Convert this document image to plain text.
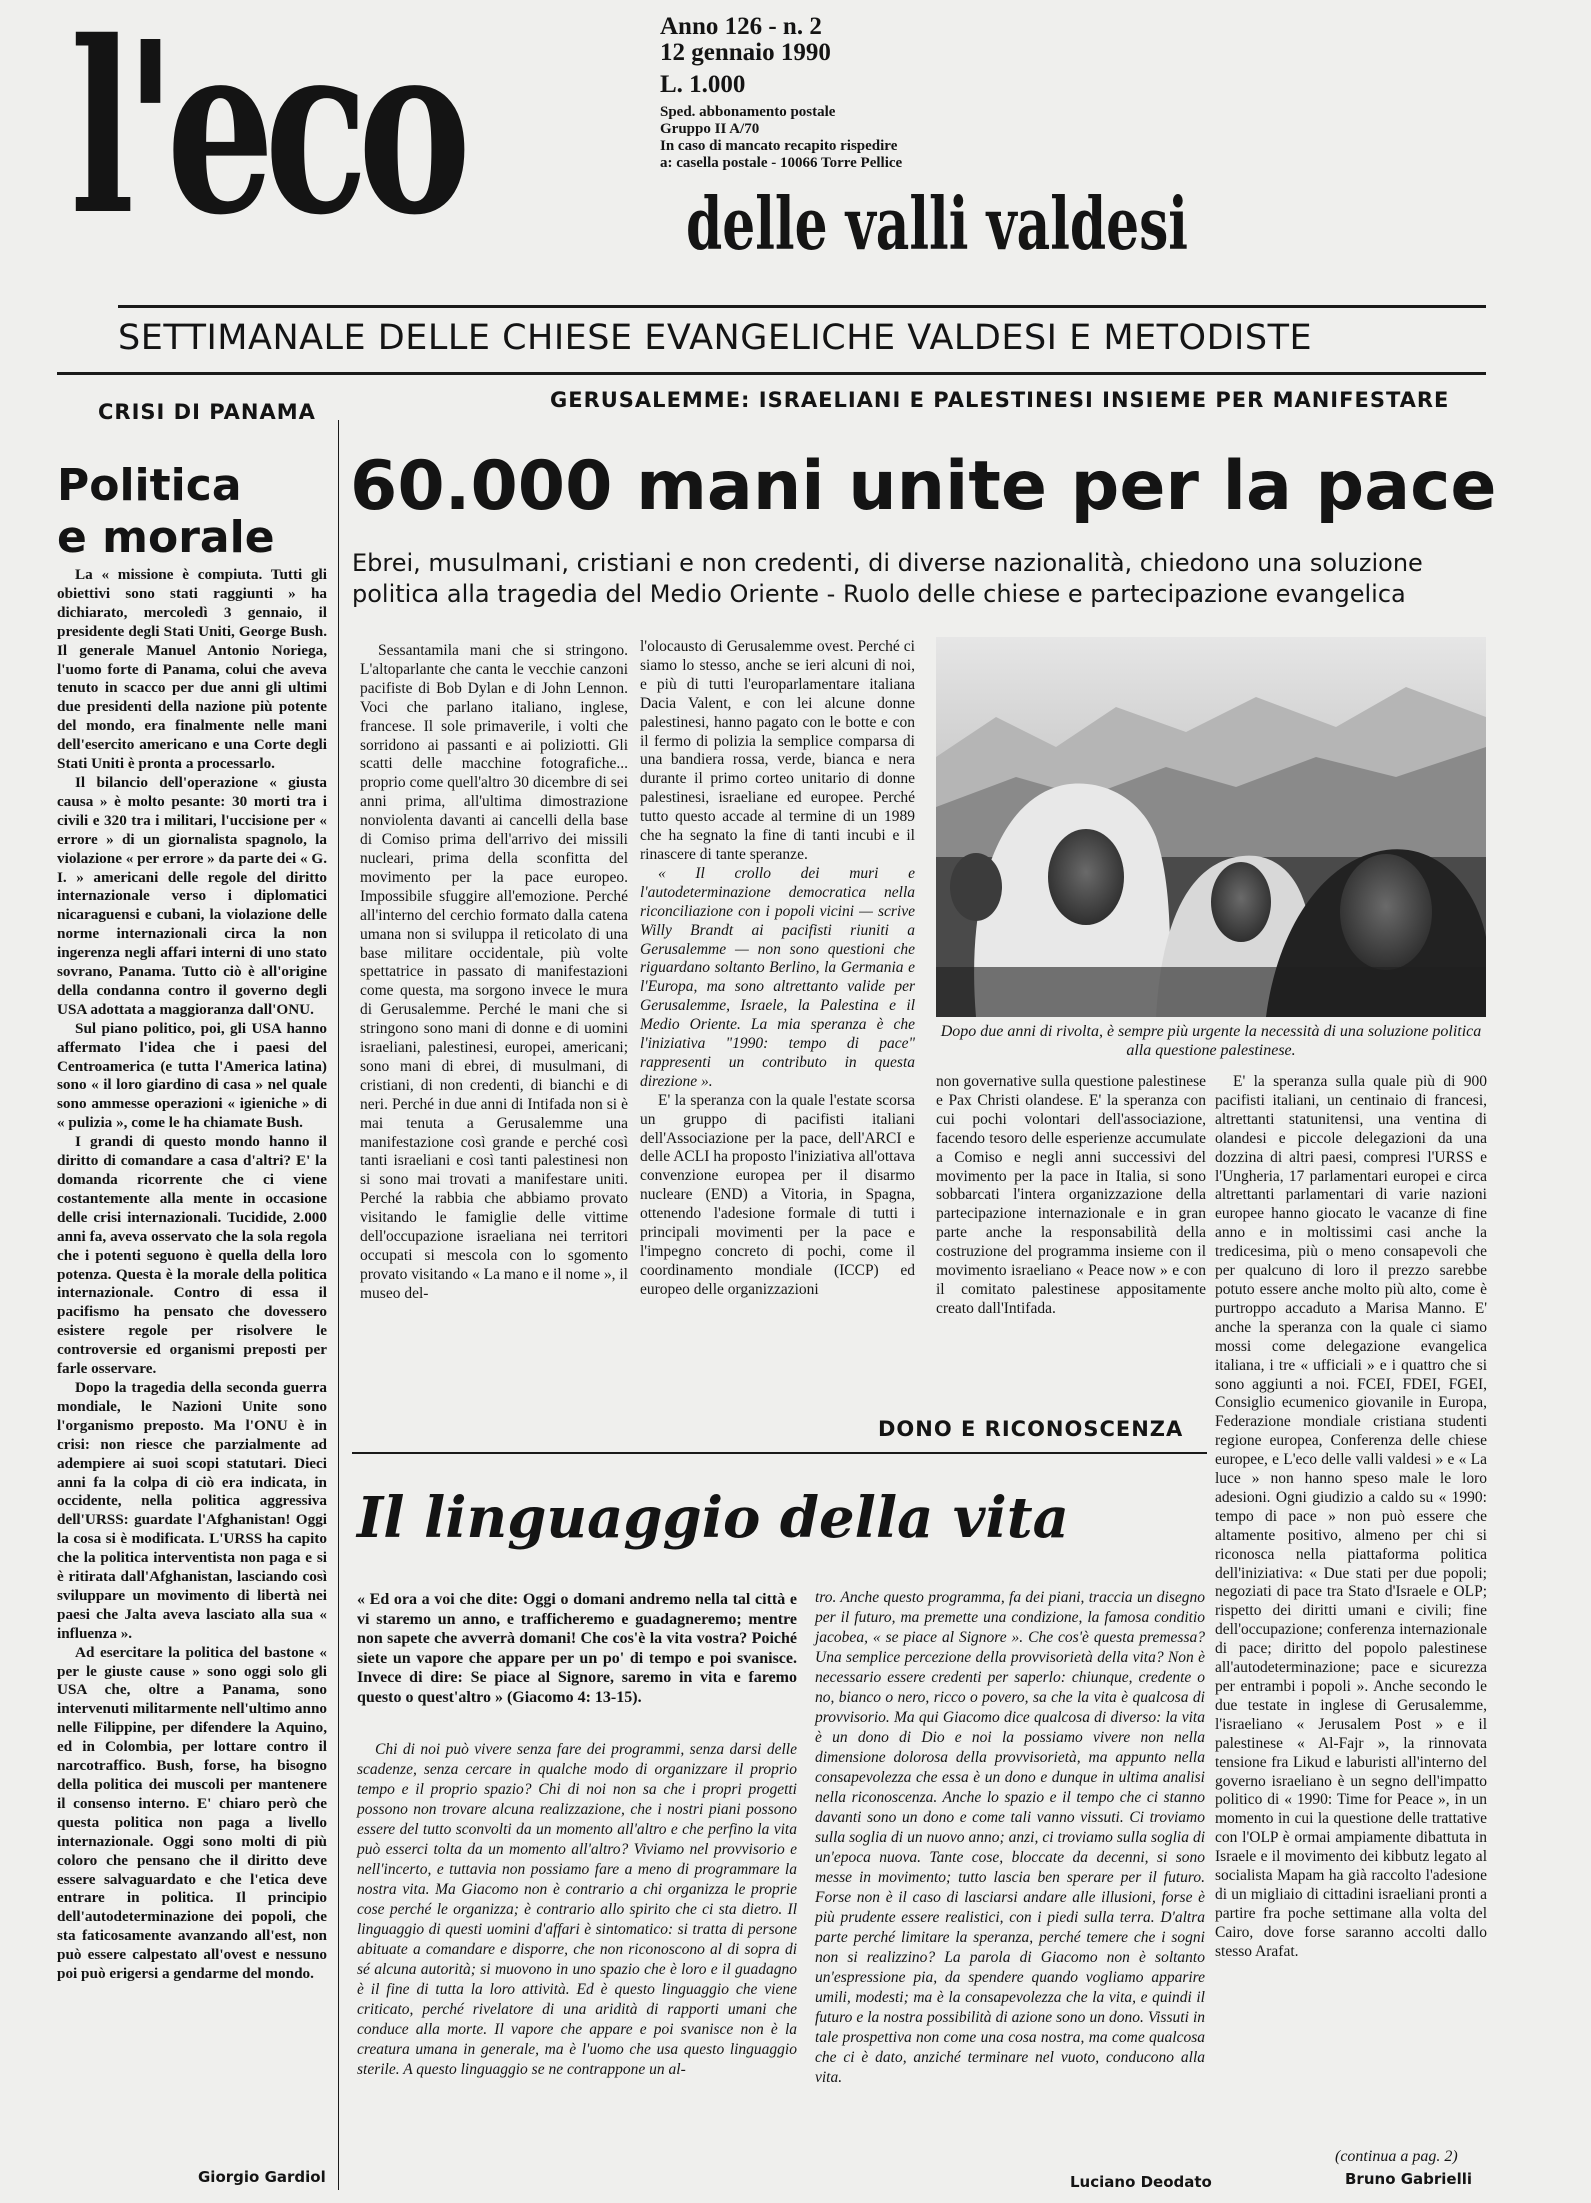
l'eco	Anno 126 - n. 2
12 gennaio 1990
L. 1.000
Sped. abbonamento postale
Gruppo II A/70
In caso di mancato recapito rispedire
a: casella postale - 10066 Torre Pellice
delle valli valdesi
SETTIMANALE DELLE CHIESE EVANGELICHE VALDESI E METODISTE
CRISI DI PANAMA	GERUSALEMME: ISRAELIANI E PALESTINESI INSIEME PER MANIFESTARE
Politica
e morale

La « missione è compiuta. Tutti gli obiettivi sono stati raggiunti » ha dichiarato, mercoledì 3 gennaio, il presidente degli Stati Uniti, George Bush. Il generale Manuel Antonio Noriega, l'uomo forte di Panama, colui che aveva tenuto in scacco per due anni gli ultimi due presidenti della nazione più potente del mondo, era finalmente nelle mani dell'esercito americano e una Corte degli Stati Uniti è pronta a processarlo.

Il bilancio dell'operazione « giusta causa » è molto pesante: 30 morti tra i civili e 320 tra i militari, l'uccisione per « errore » di un giornalista spagnolo, la violazione « per errore » da parte dei « G. I. » americani delle regole del diritto internazionale verso i diplomatici nicaraguensi e cubani, la violazione delle norme internazionali circa la non ingerenza negli affari interni di uno stato sovrano, Panama. Tutto ciò è all'origine della condanna contro il governo degli USA adottata a maggioranza dall'ONU.

Sul piano politico, poi, gli USA hanno affermato l'idea che i paesi del Centroamerica (e tutta l'America latina) sono « il loro giardino di casa » nel quale sono ammesse operazioni « igieniche » di « pulizia », come le ha chiamate Bush.

I grandi di questo mondo hanno il diritto di comandare a casa d'altri? E' la domanda ricorrente che ci viene costantemente alla mente in occasione delle crisi internazionali. Tucidide, 2.000 anni fa, aveva osservato che la sola regola che i potenti seguono è quella della loro potenza. Questa è la morale della politica internazionale. Contro di essa il pacifismo ha pensato che dovessero esistere regole per risolvere le controversie ed organismi preposti per farle osservare.

Dopo la tragedia della seconda guerra mondiale, le Nazioni Unite sono l'organismo preposto. Ma l'ONU è in crisi: non riesce che parzialmente ad adempiere ai suoi scopi statutari. Dieci anni fa la colpa di ciò era indicata, in occidente, nella politica aggressiva dell'URSS: guardate l'Afghanistan! Oggi la cosa si è modificata. L'URSS ha capito che la politica interventista non paga e si è ritirata dall'Afghanistan, lasciando così sviluppare un movimento di libertà nei paesi che Jalta aveva lasciato alla sua « influenza ».

Ad esercitare la politica del bastone « per le giuste cause » sono oggi solo gli USA che, oltre a Panama, sono intervenuti militarmente nell'ultimo anno nelle Filippine, per difendere la Aquino, ed in Colombia, per lottare contro il narcotraffico. Bush, forse, ha bisogno della politica dei muscoli per mantenere il consenso interno. E' chiaro però che questa politica non paga a livello internazionale. Oggi sono molti di più coloro che pensano che il diritto deve essere salvaguardato e che l'etica deve entrare in politica. Il principio dell'autodeterminazione dei popoli, che sta faticosamente avanzando all'est, non può essere calpestato all'ovest e nessuno poi può erigersi a gendarme del mondo.

Giorgio Gardiol
60.000 mani unite per la pace
Ebrei, musulmani, cristiani e non credenti, di diverse nazionalità, chiedono una soluzione politica alla tragedia del Medio Oriente - Ruolo delle chiese e partecipazione evangelica

Sessantamila mani che si stringono. L'altoparlante che canta le vecchie canzoni pacifiste di Bob Dylan e di John Lennon. Voci che parlano italiano, inglese, francese. Il sole primaverile, i volti che sorridono ai passanti e ai poliziotti. Gli scatti delle macchine fotografiche... proprio come quell'altro 30 dicembre di sei anni prima, all'ultima dimostrazione nonviolenta davanti ai cancelli della base di Comiso prima dell'arrivo dei missili nucleari, prima della sconfitta del movimento per la pace europeo. Impossibile sfuggire all'emozione. Perché all'interno del cerchio formato dalla catena umana non si sviluppa il reticolato di una base militare occidentale, più volte spettatrice in passato di manifestazioni come questa, ma sorgono invece le mura di Gerusalemme. Perché le mani che si stringono sono mani di donne e di uomini israeliani, palestinesi, europei, americani; sono mani di ebrei, di musulmani, di cristiani, di non credenti, di bianchi e di neri. Perché in due anni di Intifada non si è mai tenuta a Gerusalemme una manifestazione così grande e perché così tanti israeliani e così tanti palestinesi non si sono mai trovati a manifestare uniti. Perché la rabbia che abbiamo provato visitando le famiglie delle vittime dell'occupazione israeliana nei territori occupati si mescola con lo sgomento provato visitando « La mano e il nome », il museo del-

l'olocausto di Gerusalemme ovest. Perché ci siamo lo stesso, anche se ieri alcuni di noi, e più di tutti l'europarlamentare italiana Dacia Valent, e con lei alcune donne palestinesi, hanno pagato con le botte e con il fermo di polizia la semplice comparsa di una bandiera rossa, verde, bianca e nera durante il primo corteo unitario di donne palestinesi, israeliane ed europee. Perché tutto questo accade al termine di un 1989 che ha segnato la fine di tanti incubi e il rinascere di tante speranze.

« Il crollo dei muri e l'autodeterminazione democratica nella riconciliazione con i popoli vicini — scrive Willy Brandt ai pacifisti riuniti a Gerusalemme — non sono questioni che riguardano soltanto Berlino, la Germania e l'Europa, ma sono altrettanto valide per Gerusalemme, Israele, la Palestina e il Medio Oriente. La mia speranza è che l'iniziativa "1990: tempo di pace" rappresenti un contributo in questa direzione ».

E' la speranza con la quale l'estate scorsa un gruppo di pacifisti italiani dell'Associazione per la pace, dell'ARCI e delle ACLI ha proposto l'iniziativa all'ottava convenzione europea per il disarmo nucleare (END) a Vitoria, in Spagna, ottenendo l'adesione formale di tutti i principali movimenti per la pace e l'impegno concreto di pochi, come il coordinamento mondiale (ICCP) ed europeo delle organizzazioni

Dopo due anni di rivolta, è sempre più urgente la necessità di una soluzione politica alla questione palestinese.

non governative sulla questione palestinese e Pax Christi olandese. E' la speranza con cui pochi volontari dell'associazione, facendo tesoro delle esperienze accumulate a Comiso e negli anni successivi del movimento per la pace in Italia, si sono sobbarcati l'intera organizzazione della partecipazione internazionale e in gran parte anche la responsabilità della costruzione del programma insieme con il movimento israeliano « Peace now » e con il comitato palestinese appositamente creato dall'Intifada.

E' la speranza sulla quale più di 900 pacifisti italiani, un centinaio di francesi, altrettanti statunitensi, una ventina di olandesi e piccole delegazioni da una dozzina di altri paesi, compresi l'URSS e l'Ungheria, 17 parlamentari europei e circa altrettanti parlamentari di varie nazioni europee hanno giocato le vacanze di fine anno e in moltissimi casi anche la tredicesima, più o meno consapevoli che per qualcuno di loro il prezzo sarebbe potuto essere anche molto più alto, come è purtroppo accaduto a Marisa Manno. E' anche la speranza con la quale ci siamo mossi come delegazione evangelica italiana, i tre « ufficiali » e i quattro che si sono aggiunti a noi. FCEI, FDEI, FGEI, Consiglio ecumenico giovanile in Europa, Federazione mondiale cristiana studenti regione europea, Conferenza delle chiese europee, e L'eco delle valli valdesi » e « La luce » non hanno speso male le loro adesioni. Ogni giudizio a caldo su « 1990: tempo di pace » non può essere che altamente positivo, almeno per chi si riconosca nella piattaforma politica dell'iniziativa: « Due stati per due popoli; negoziati di pace tra Stato d'Israele e OLP; rispetto dei diritti umani e civili; fine dell'occupazione; conferenza internazionale di pace; diritto del popolo palestinese all'autodeterminazione; pace e sicurezza per entrambi i popoli ». Anche secondo le due testate in inglese di Gerusalemme, l'israeliano « Jerusalem Post » e il palestinese « Al-Fajr », la rinnovata tensione fra Likud e laburisti all'interno del governo israeliano è un segno dell'impatto politico di « 1990: Time for Peace », in un momento in cui la questione delle trattative con l'OLP è ormai ampiamente dibattuta in Israele e il movimento dei kibbutz legato al socialista Mapam ha già raccolto l'adesione di un migliaio di cittadini israeliani pronti a partire fra poche settimane alla volta del Cairo, dove forse saranno accolti dallo stesso Arafat.

(continua a pag. 2)
Bruno Gabrielli
DONO E RICONOSCENZA
Il linguaggio della vita
« Ed ora a voi che dite: Oggi o domani andremo nella tal città e vi staremo un anno, e trafficheremo e guadagneremo; mentre non sapete che avverrà domani! Che cos'è la vita vostra? Poiché siete un vapore che appare per un po' di tempo e poi svanisce. Invece di dire: Se piace al Signore, saremo in vita e faremo questo o quest'altro » (Giacomo 4: 13-15).

Chi di noi può vivere senza fare dei programmi, senza darsi delle scadenze, senza cercare in qualche modo di organizzare il proprio tempo e il proprio spazio? Chi di noi non sa che i propri progetti possono non trovare alcuna realizzazione, che i nostri piani possono essere del tutto sconvolti da un momento all'altro e che perfino la vita può esserci tolta da un momento all'altro? Viviamo nel provvisorio e nell'incerto, e tuttavia non possiamo fare a meno di programmare la nostra vita. Ma Giacomo non è contrario a chi organizza le proprie cose perché le organizza; è contrario allo spirito che ci sta dietro. Il linguaggio di questi uomini d'affari è sintomatico: si tratta di persone abituate a comandare e disporre, che non riconoscono al di sopra di sé alcuna autorità; si muovono in uno spazio che è loro e il guadagno è il fine di tutta la loro attività. Ed è questo linguaggio che viene criticato, perché rivelatore di una aridità di rapporti umani che conduce alla morte. Il vapore che appare e poi svanisce non è la creatura umana in generale, ma è l'uomo che usa questo linguaggio sterile. A questo linguaggio se ne contrappone un al-

tro. Anche questo programma, fa dei piani, traccia un disegno per il futuro, ma premette una condizione, la famosa conditio jacobea, « se piace al Signore ». Che cos'è questa premessa? Una semplice percezione della provvisorietà della vita? Non è necessario essere credenti per saperlo: chiunque, credente o no, bianco o nero, ricco o povero, sa che la vita è qualcosa di provvisorio. Ma qui Giacomo dice qualcosa di diverso: la vita è un dono di Dio e noi la possiamo vivere non nella dimensione dolorosa della provvisorietà, ma appunto nella consapevolezza che essa è un dono e dunque in ultima analisi nella riconoscenza. Anche lo spazio e il tempo che ci stanno davanti sono un dono e come tali vanno vissuti. Ci troviamo sulla soglia di un nuovo anno; anzi, ci troviamo sulla soglia di un'epoca nuova. Tante cose, bloccate da decenni, si sono messe in movimento; tutto lascia ben sperare per il futuro. Forse non è il caso di lasciarsi andare alle illusioni, forse è più prudente essere realistici, con i piedi sulla terra. D'altra parte perché limitare la speranza, perché temere che i sogni non si realizzino? La parola di Giacomo non è soltanto un'espressione pia, da spendere quando vogliamo apparire umili, modesti; ma è la consapevolezza che la vita, e quindi il futuro e la nostra possibilità di azione sono un dono. Vissuti in tale prospettiva non come una cosa nostra, ma come qualcosa che ci è dato, anziché terminare nel vuoto, conducono alla vita.

Luciano Deodato
